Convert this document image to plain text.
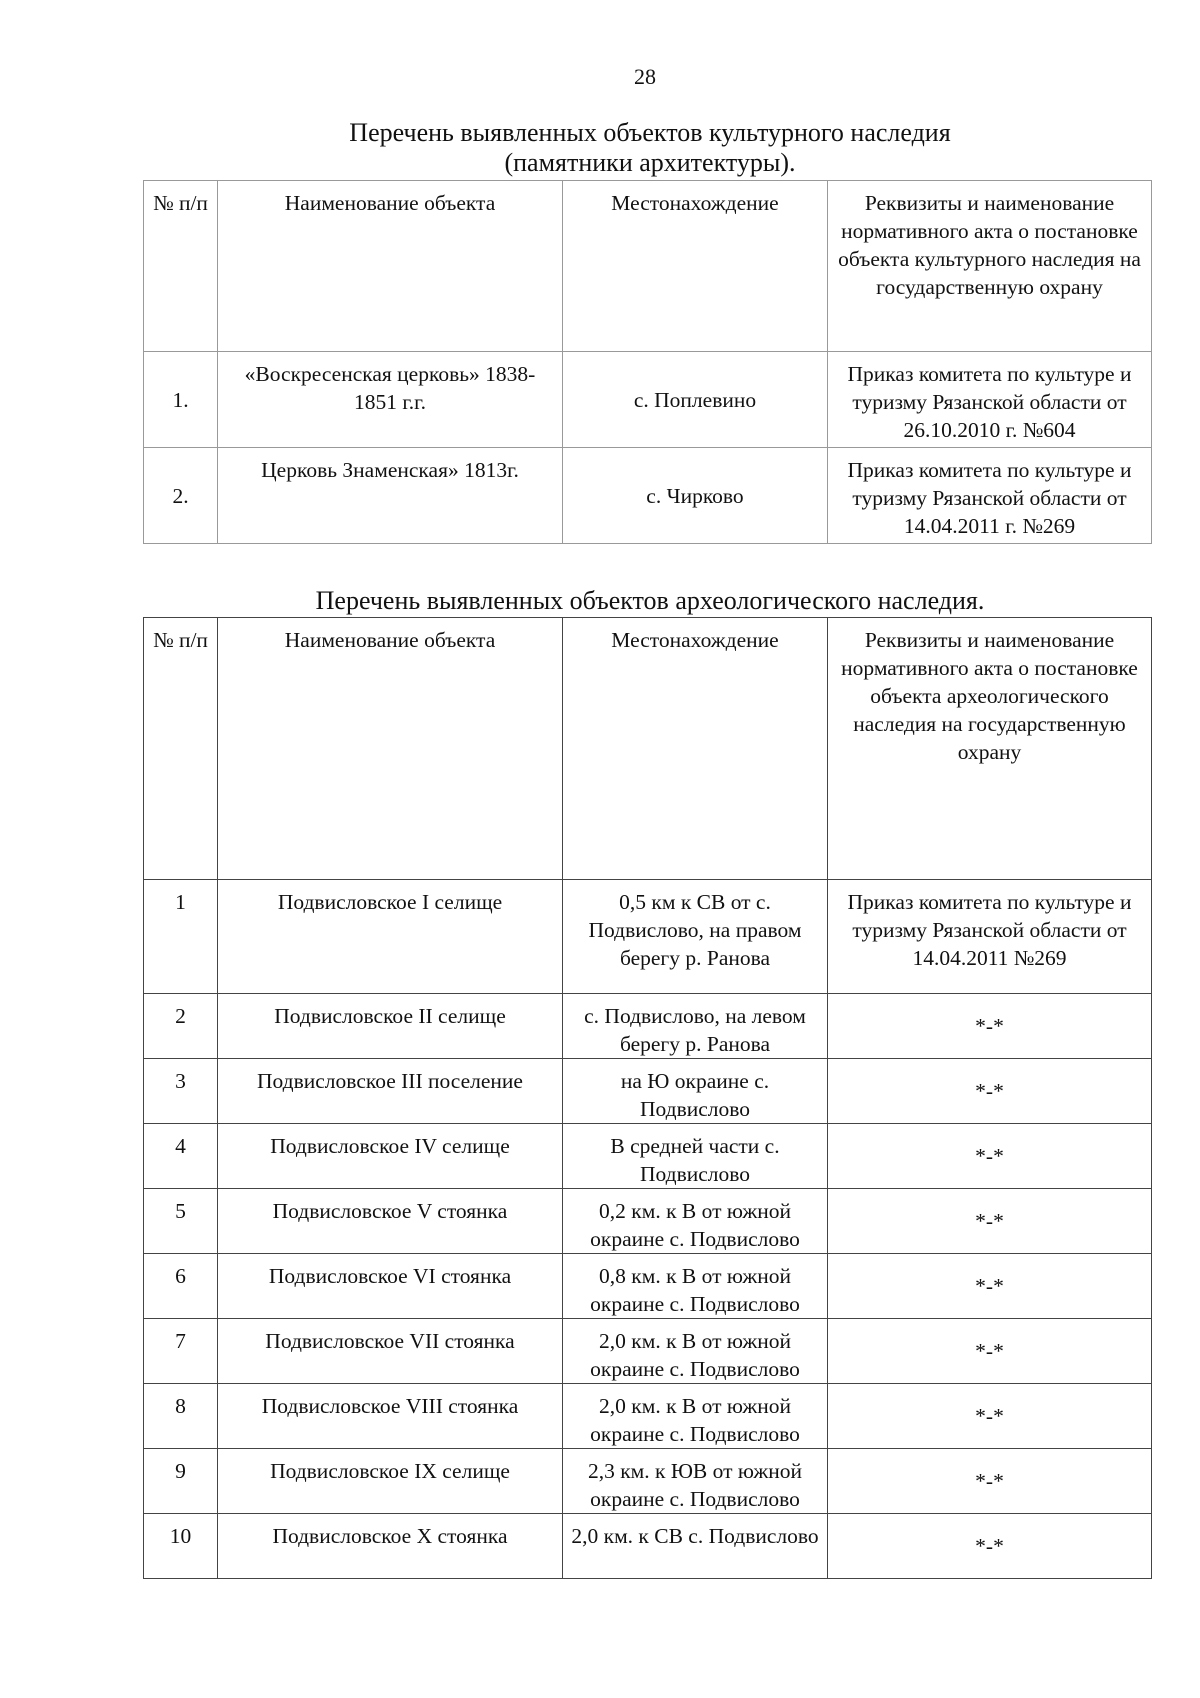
28
Перечень выявленных объектов культурного наследия
(памятники архитектуры).
№ п/п	Наименование объекта	Местонахождение	Реквизиты и наименование нормативного акта о постановке объекта культурного наследия на государственную охрану
1.	«Воскресенская церковь» 1838-1851 г.г.	с. Поплевино	Приказ комитета по культуре и туризму Рязанской области от 26.10.2010 г. №604
2.	Церковь Знаменская» 1813г.	с. Чирково	Приказ комитета по культуре и туризму Рязанской области от 14.04.2011 г. №269
Перечень выявленных объектов археологического наследия.
№ п/п	Наименование объекта	Местонахождение	Реквизиты и наименование нормативного акта о постановке объекта археологического наследия на государственную охрану
1	Подвисловское I селище	0,5 км к СВ от с. Подвислово, на правом берегу р. Ранова	Приказ комитета по культуре и туризму Рязанской области от 14.04.2011 №269
2	Подвисловское II селище	с. Подвислово, на левом берегу р. Ранова	*-*
3	Подвисловское III поселение	на Ю окраине с. Подвислово	*-*
4	Подвисловское IV селище	В средней части с. Подвислово	*-*
5	Подвисловское V стоянка	0,2 км. к В от южной окраине с. Подвислово	*-*
6	Подвисловское VI стоянка	0,8 км. к В от южной окраине с. Подвислово	*-*
7	Подвисловское VII стоянка	2,0 км. к В от южной окраине с. Подвислово	*-*
8	Подвисловское VIII стоянка	2,0 км. к В от южной окраине с. Подвислово	*-*
9	Подвисловское IX селище	2,3 км. к ЮВ от южной окраине с. Подвислово	*-*
10	Подвисловское X стоянка	2,0 км. к СВ с. Подвислово	*-*
